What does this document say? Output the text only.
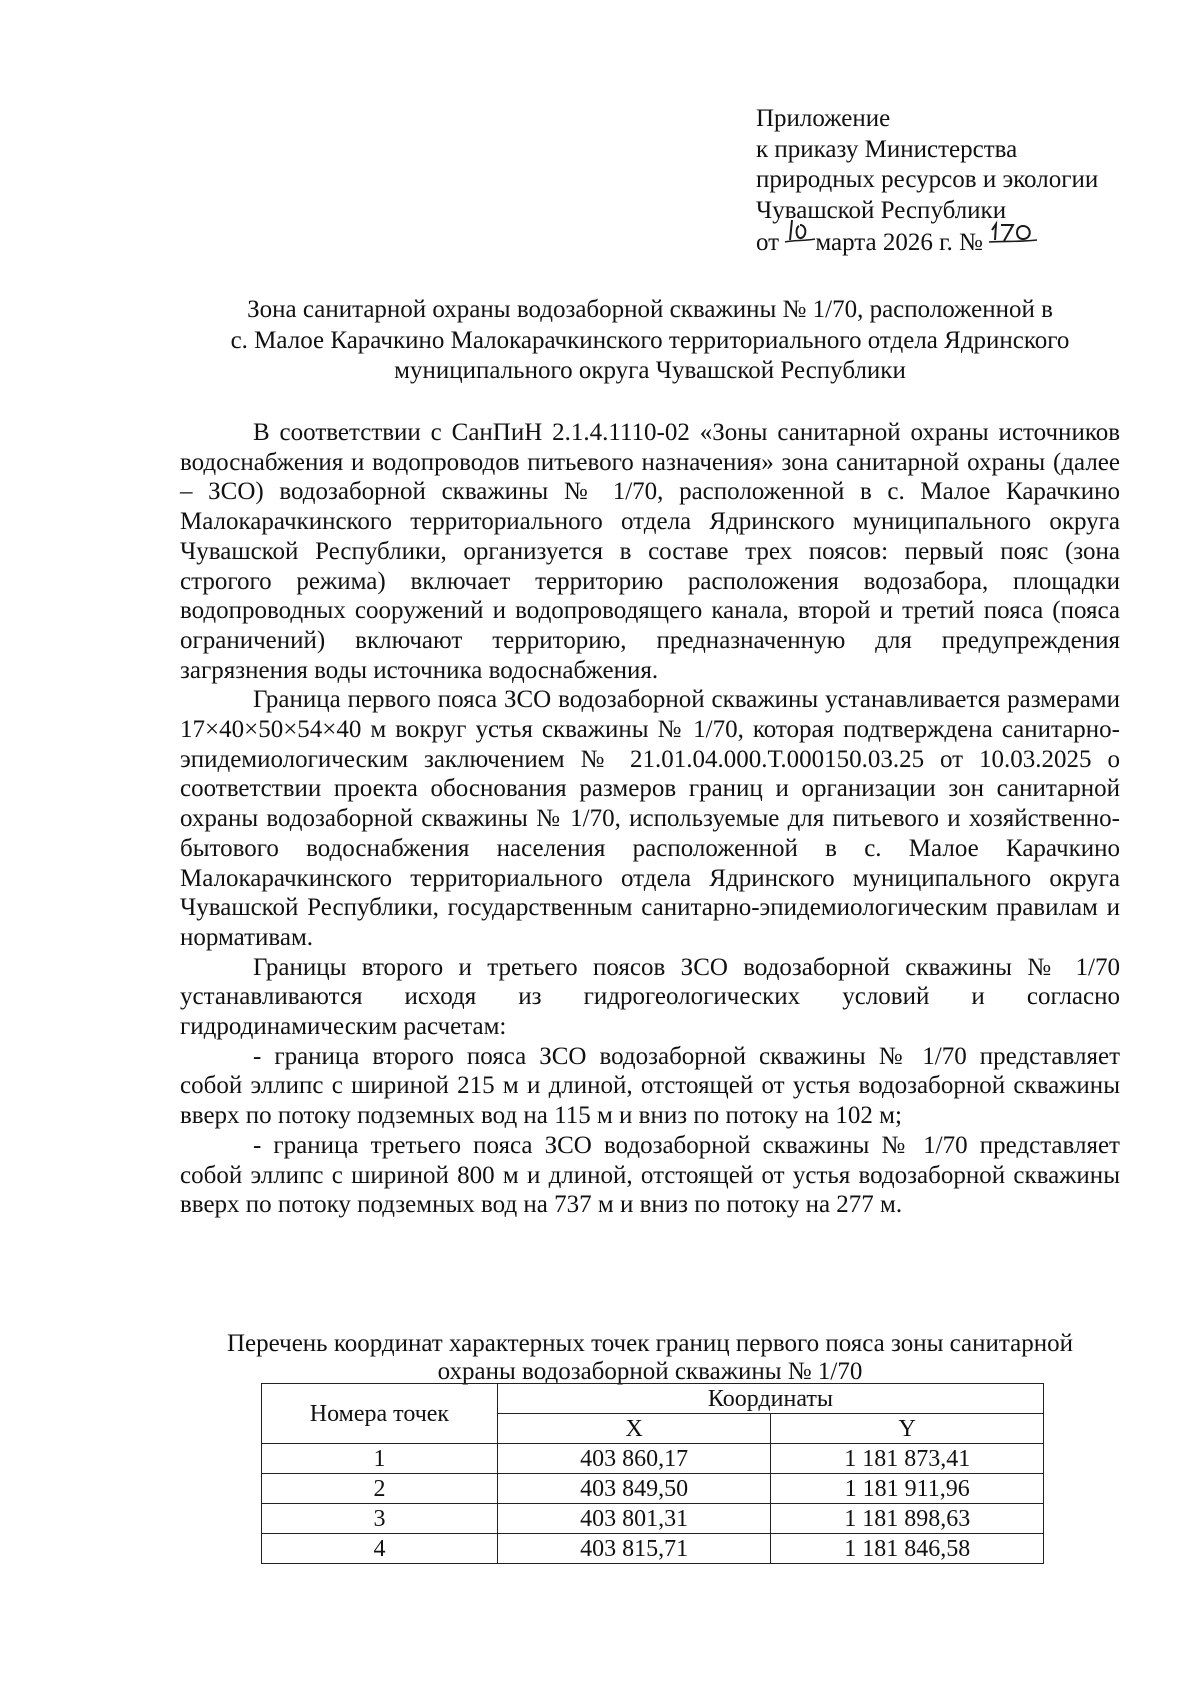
Приложение
к приказу Министерства
природных ресурсов и экологии
Чувашской Республики
от марта 2026 г. №
Зона санитарной охраны водозаборной скважины № 1/70, расположенной в
с. Малое Карачкино Малокарачкинского территориального отдела Ядринского
муниципального округа Чувашской Республики

В соответствии с СанПиН 2.1.4.1110-02 «Зоны санитарной охраны источников водоснабжения и водопроводов питьевого назначения» зона санитарной охраны (далее – ЗСО) водозаборной скважины № 1/70, расположенной в с. Малое Карачкино Малокарачкинского территориального отдела Ядринского муниципального округа Чувашской Республики, организуется в составе трех поясов: первый пояс (зона строгого режима) включает территорию расположения водозабора, площадки водопроводных сооружений и водопроводящего канала, второй и третий пояса (пояса ограничений) включают территорию, предназначенную для предупреждения загрязнения воды источника водоснабжения.

Граница первого пояса ЗСО водозаборной скважины устанавливается размерами 17×40×50×54×40 м вокруг устья скважины № 1/70, которая подтверждена санитарно-эпидемиологическим заключением № 21.01.04.000.Т.000150.03.25 от 10.03.2025 о соответствии проекта обоснования размеров границ и организации зон санитарной охраны водозаборной скважины № 1/70, используемые для питьевого и хозяйственно-бытового водоснабжения населения расположенной в с. Малое Карачкино Малокарачкинского территориального отдела Ядринского муниципального округа Чувашской Республики, государственным санитарно-эпидемиологическим правилам и нормативам.

Границы второго и третьего поясов ЗСО водозаборной скважины № 1/70 устанавливаются исходя из гидрогеологических условий и согласно гидродинамическим расчетам:

- граница второго пояса ЗСО водозаборной скважины № 1/70 представляет собой эллипс с шириной 215 м и длиной, отстоящей от устья водозаборной скважины вверх по потоку подземных вод на 115 м и вниз по потоку на 102 м;

- граница третьего пояса ЗСО водозаборной скважины № 1/70 представляет собой эллипс с шириной 800 м и длиной, отстоящей от устья водозаборной скважины вверх по потоку подземных вод на 737 м и вниз по потоку на 277 м.

Перечень координат характерных точек границ первого пояса зоны санитарной
охраны водозаборной скважины № 1/70
Номера точек	Координаты	
	X	Y
1	403 860,17	1 181 873,41
2	403 849,50	1 181 911,96
3	403 801,31	1 181 898,63
4	403 815,71	1 181 846,58
